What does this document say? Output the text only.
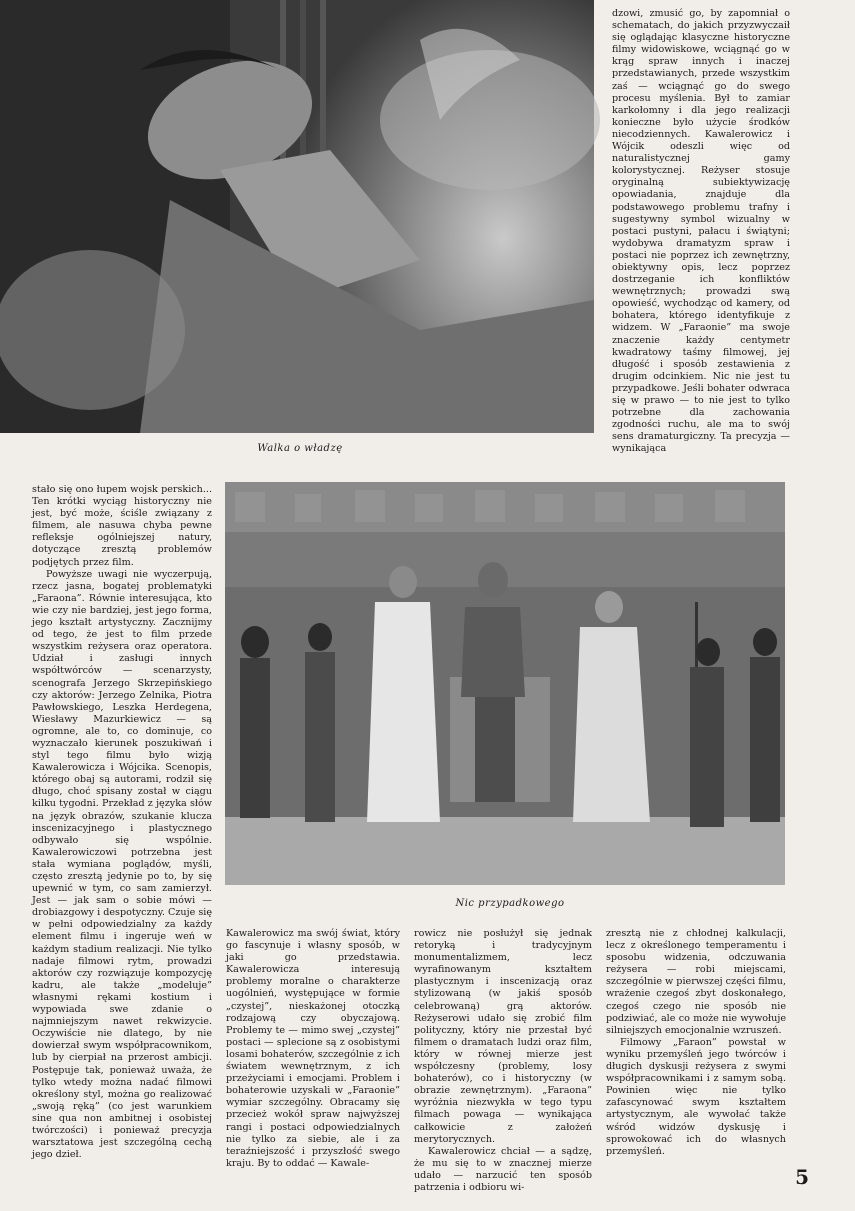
Walka o władzę

dzowi, zmusić go, by zapomniał o schematach, do jakich przyzwyczaił się oglądając klasyczne historyczne filmy widowiskowe, wciągnąć go w krąg spraw innych i inaczej przedstawianych, przede wszystkim zaś — wciągnąć go do swego procesu myślenia. Był to zamiar karkołomny i dla jego realizacji konieczne było użycie środków niecodziennych. Kawalerowicz i Wójcik odeszli więc od naturalistycznej gamy kolorystycznej. Reżyser stosuje oryginalną subiektywizację opowiadania, znajduje dla podstawowego problemu trafny i sugestywny symbol wizualny w postaci pustyni, pałacu i świątyni; wydobywa dramatyzm spraw i postaci nie poprzez ich zewnętrzny, obiektywny opis, lecz poprzez dostrzeganie ich konfliktów wewnętrznych; prowadzi swą opowieść, wychodząc od kamery, od bohatera, którego identyfikuje z widzem. W „Faraonie” ma swoje znaczenie każdy centymetr kwadratowy taśmy filmowej, jej długość i sposób zestawienia z drugim odcinkiem. Nic nie jest tu przypadkowe. Jeśli bohater odwraca się w prawo — to nie jest to tylko potrzebne dla zachowania zgodności ruchu, ale ma to swój sens dramaturgiczny. Ta precyzja — wynikająca

stało się ono łupem wojsk perskich... Ten krótki wyciąg historyczny nie jest, być może, ściśle związany z filmem, ale nasuwa chyba pewne refleksje ogólniejszej natury, dotyczące zresztą problemów podjętych przez film.

Powyższe uwagi nie wyczerpują, rzecz jasna, bogatej problematyki „Faraona”. Równie interesująca, kto wie czy nie bardziej, jest jego forma, jego kształt artystyczny. Zacznijmy od tego, że jest to film przede wszystkim reżysera oraz operatora. Udział i zasługi innych współtwórców — scenarzysty, scenografa Jerzego Skrzepińskiego czy aktorów: Jerzego Zelnika, Piotra Pawłowskiego, Leszka Herdegena, Wiesławy Mazurkiewicz — są ogromne, ale to, co dominuje, co wyznaczało kierunek poszukiwań i styl tego filmu było wizją Kawalerowicza i Wójcika. Scenopis, którego obaj są autorami, rodził się długo, choć spisany został w ciągu kilku tygodni. Przekład z języka słów na język obrazów, szukanie klucza inscenizacyjnego i plastycznego odbywało się wspólnie. Kawalerowiczowi potrzebna jest stała wymiana poglądów, myśli, często zresztą jedynie po to, by się upewnić w tym, co sam zamierzył. Jest — jak sam o sobie mówi — drobiazgowy i despotyczny. Czuje się w pełni odpowiedzialny za każdy element filmu i ingeruje weń w każdym stadium realizacji. Nie tylko nadaje filmowi rytm, prowadzi aktorów czy rozwiązuje kompozycję kadru, ale także „modeluje” własnymi rękami kostium i wypowiada swe zdanie o najmniejszym nawet rekwizycie. Oczywiście nie dlatego, by nie dowierzał swym współpracownikom, lub by cierpiał na przerost ambicji. Postępuje tak, ponieważ uważa, że tylko wtedy można nadać filmowi określony styl, można go realizować „swoją ręką” (co jest warunkiem sine qua non ambitnej i osobistej twórczości) i ponieważ precyzja warsztatowa jest szczególną cechą jego dzieł.

Nic przypadkowego

Kawalerowicz ma swój świat, który go fascynuje i własny sposób, w jaki go przedstawia. Kawalerowicza interesują problemy moralne o charakterze uogólnień, występujące w formie „czystej”, nieskażonej otoczką rodzajową czy obyczajową. Problemy te — mimo swej „czystej” postaci — splecione są z osobistymi losami bohaterów, szczególnie z ich światem wewnętrznym, z ich przeżyciami i emocjami. Problem i bohaterowie uzyskali w „Faraonie” wymiar szczególny. Obracamy się przecież wokół spraw najwyższej rangi i postaci odpowiedzialnych nie tylko za siebie, ale i za teraźniejszość i przyszłość swego kraju. By to oddać — Kawale-

rowicz nie posłużył się jednak retoryką i tradycyjnym monumentalizmem, lecz wyrafinowanym kształtem plastycznym i inscenizacją oraz stylizowaną (w jakiś sposób celebrowaną) grą aktorów. Reżyserowi udało się zrobić film polityczny, który nie przestał być filmem o dramatach ludzi oraz film, który w równej mierze jest współczesny (problemy, losy bohaterów), co i historyczny (w obrazie zewnętrznym). „Faraona” wyróżnia niezwykła w tego typu filmach powaga — wynikająca całkowicie z założeń merytorycznych.

Kawalerowicz chciał — a sądzę, że mu się to w znacznej mierze udało — narzucić ten sposób patrzenia i odbioru wi-

zresztą nie z chłodnej kalkulacji, lecz z określonego temperamentu i sposobu widzenia, odczuwania reżysera — robi miejscami, szczególnie w pierwszej części filmu, wrażenie czegoś zbyt doskonałego, czegoś czego nie sposób nie podziwiać, ale co może nie wywołuje silniejszych emocjonalnie wzruszeń.

Filmowy „Faraon” powstał w wyniku przemyśleń jego twórców i długich dyskusji reżysera z swymi współpracownikami i z samym sobą. Powinien więc nie tylko zafascynować swym kształtem artystycznym, ale wywołać także wśród widzów dyskusję i sprowokować ich do własnych przemyśleń.

5
